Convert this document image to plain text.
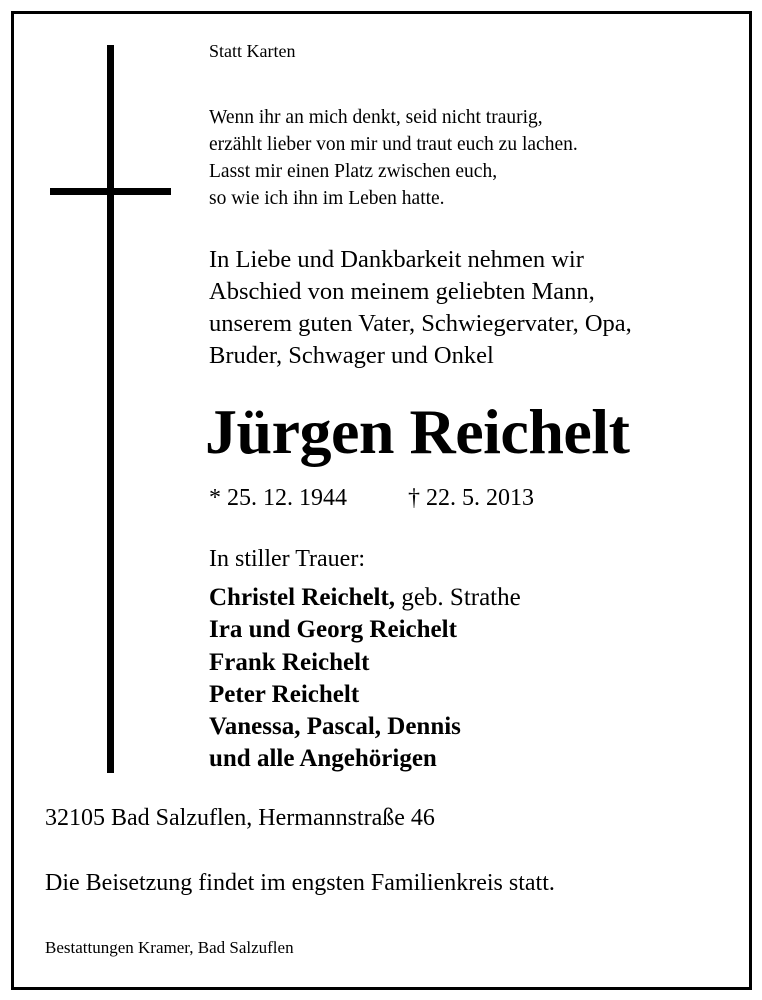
Statt Karten
Wenn ihr an mich denkt, seid nicht traurig,
erzählt lieber von mir und traut euch zu lachen.
Lasst mir einen Platz zwischen euch,
so wie ich ihn im Leben hatte.
In Liebe und Dankbarkeit nehmen wir
Abschied von meinem geliebten Mann,
unserem guten Vater, Schwiegervater, Opa,
Bruder, Schwager und Onkel
Jürgen Reichelt
* 25. 12. 1944	† 22. 5. 2013
In stiller Trauer:
Christel Reichelt, geb. Strathe
Ira und Georg Reichelt
Frank Reichelt
Peter Reichelt
Vanessa, Pascal, Dennis
und alle Angehörigen
32105 Bad Salzuflen, Hermannstraße 46
Die Beisetzung findet im engsten Familienkreis statt.
Bestattungen Kramer, Bad Salzuflen
